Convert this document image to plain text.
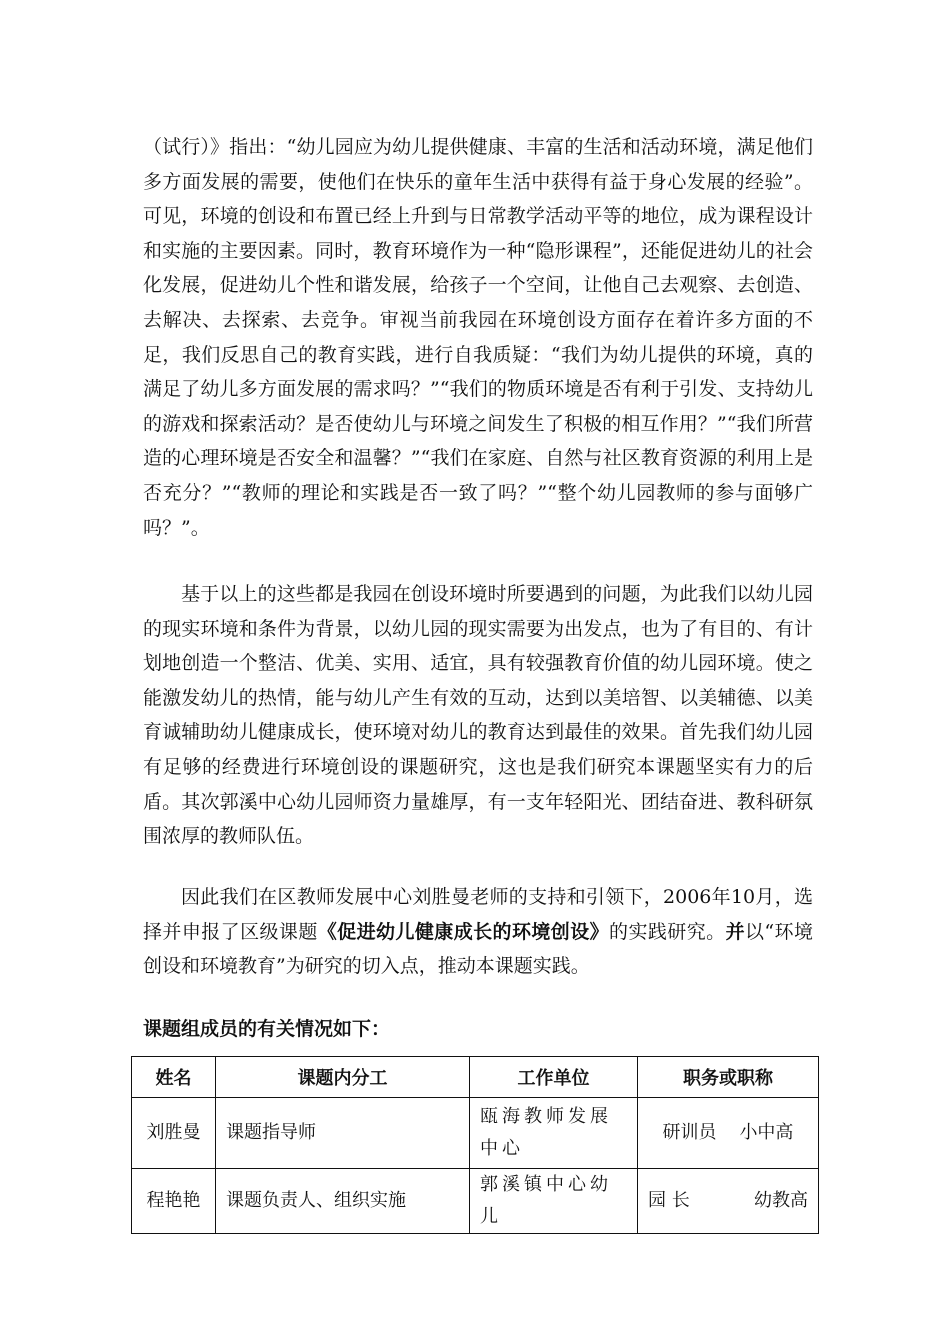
（试行）》指出：“幼儿园应为幼儿提供健康、丰富的生活和活动环境，满足他们多方面发展的需要，使他们在快乐的童年生活中获得有益于身心发展的经验”。可见，环境的创设和布置已经上升到与日常教学活动平等的地位，成为课程设计和实施的主要因素。同时，教育环境作为一种“隐形课程”，还能促进幼儿的社会化发展，促进幼儿个性和谐发展，给孩子一个空间，让他自己去观察、去创造、去解决、去探索、去竞争。审视当前我园在环境创设方面存在着许多方面的不足，我们反思自己的教育实践，进行自我质疑：“我们为幼儿提供的环境，真的满足了幼儿多方面发展的需求吗？”“我们的物质环境是否有利于引发、支持幼儿的游戏和探索活动？是否使幼儿与环境之间发生了积极的相互作用？”“我们所营造的心理环境是否安全和温馨？”“我们在家庭、自然与社区教育资源的利用上是否充分？”“教师的理论和实践是否一致了吗？”“整个幼儿园教师的参与面够广吗？”。

基于以上的这些都是我园在创设环境时所要遇到的问题，为此我们以幼儿园的现实环境和条件为背景，以幼儿园的现实需要为出发点，也为了有目的、有计划地创造一个整洁、优美、实用、适宜，具有较强教育价值的幼儿园环境。使之能激发幼儿的热情，能与幼儿产生有效的互动，达到以美培智、以美辅德、以美育诚辅助幼儿健康成长，使环境对幼儿的教育达到最佳的效果。首先我们幼儿园有足够的经费进行环境创设的课题研究，这也是我们研究本课题坚实有力的后盾。其次郭溪中心幼儿园师资力量雄厚，有一支年轻阳光、团结奋进、教科研氛围浓厚的教师队伍。

因此我们在区教师发展中心刘胜曼老师的支持和引领下，2006年10月，选择并申报了区级课题《促进幼儿健康成长的环境创设》的实践研究。并以“环境创设和环境教育”为研究的切入点，推动本课题实践。

课题组成员的有关情况如下：

姓名	课题内分工	工作单位	职务或职称
刘胜曼	课题指导师	瓯海教师发展中心	研训员 小中高
程艳艳	课题负责人、组织实施	郭溪镇中心幼儿	园 长 幼教高
